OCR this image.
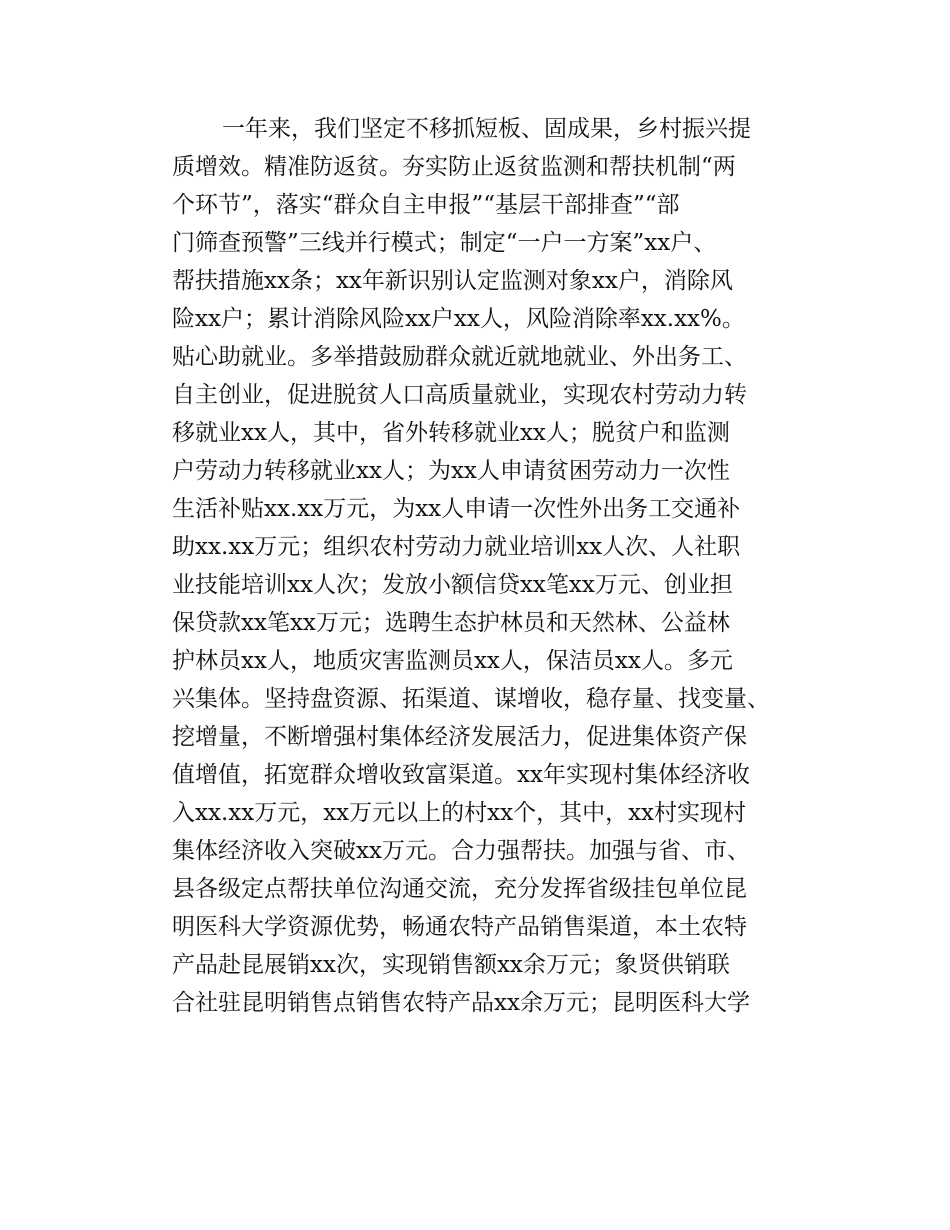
一年来，我们坚定不移抓短板、固成果，乡村振兴提
质增效。精准防返贫。夯实防止返贫监测和帮扶机制“两
个环节”，落实“群众自主申报”“基层干部排查”“部
门筛查预警”三线并行模式；制定“一户一方案”xx户、
帮扶措施xx条；xx年新识别认定监测对象xx户，消除风
险xx户；累计消除风险xx户xx人，风险消除率xx.xx%。
贴心助就业。多举措鼓励群众就近就地就业、外出务工、
自主创业，促进脱贫人口高质量就业，实现农村劳动力转
移就业xx人，其中，省外转移就业xx人；脱贫户和监测
户劳动力转移就业xx人；为xx人申请贫困劳动力一次性
生活补贴xx.xx万元，为xx人申请一次性外出务工交通补
助xx.xx万元；组织农村劳动力就业培训xx人次、人社职
业技能培训xx人次；发放小额信贷xx笔xx万元、创业担
保贷款xx笔xx万元；选聘生态护林员和天然林、公益林
护林员xx人，地质灾害监测员xx人，保洁员xx人。多元
兴集体。坚持盘资源、拓渠道、谋增收，稳存量、找变量、
挖增量，不断增强村集体经济发展活力，促进集体资产保
值增值，拓宽群众增收致富渠道。xx年实现村集体经济收
入xx.xx万元，xx万元以上的村xx个，其中，xx村实现村
集体经济收入突破xx万元。合力强帮扶。加强与省、市、
县各级定点帮扶单位沟通交流，充分发挥省级挂包单位昆
明医科大学资源优势，畅通农特产品销售渠道，本土农特
产品赴昆展销xx次，实现销售额xx余万元；象贤供销联
合社驻昆明销售点销售农特产品xx余万元；昆明医科大学
